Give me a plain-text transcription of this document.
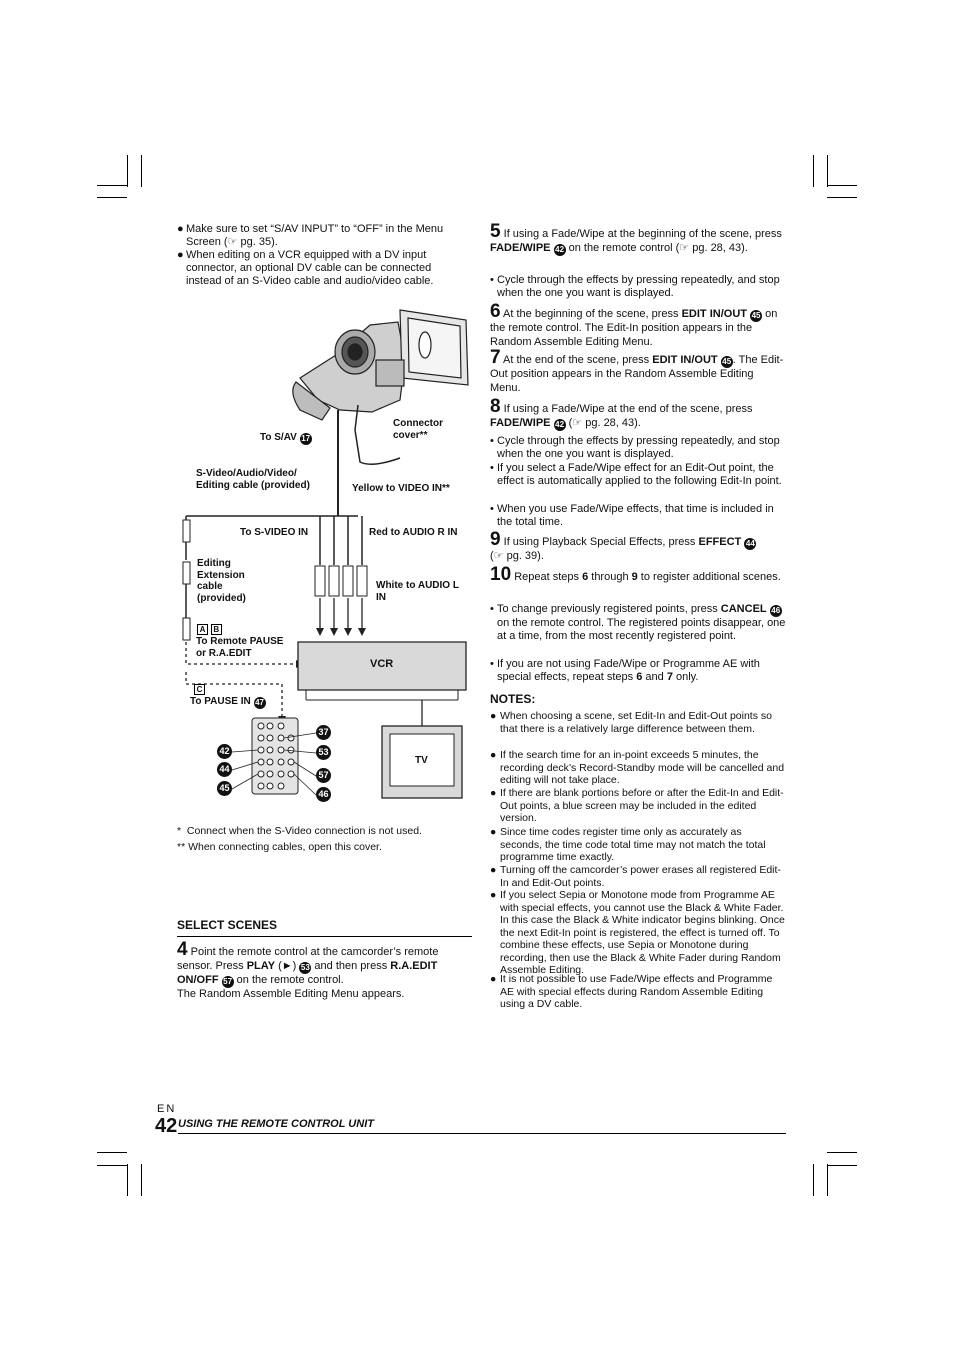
● Make sure to set “S/AV INPUT” to “OFF” in the Menu Screen (☞ pg. 35).
● When editing on a VCR equipped with a DV input connector, an optional DV cable can be connected instead of an S-Video cable and audio/video cable.
To S/AV 17
Connector cover**
S-Video/Audio/Video/ Editing cable (provided)	Yellow to VIDEO IN**
To S-VIDEO IN	Red to AUDIO R IN
Editing Extension cable (provided)
White to AUDIO L IN
A B
To Remote PAUSE or R.A.EDIT
VCR
C
To PAUSE IN 47
TV
37
53
57
46
42
44
45
*  Connect when the S-Video connection is not used.
** When connecting cables, open this cover.
SELECT SCENES
4 Point the remote control at the camcorder’s remote sensor. Press PLAY (►) 53 and then press R.A.EDIT ON/OFF 57 on the remote control.
The Random Assemble Editing Menu appears.
5 If using a Fade/Wipe at the beginning of the scene, press FADE/WIPE 42 on the remote control (☞ pg. 28, 43).
• Cycle through the effects by pressing repeatedly, and stop when the one you want is displayed.
6 At the beginning of the scene, press EDIT IN/OUT 45 on the remote control. The Edit-In position appears in the Random Assemble Editing Menu.
7 At the end of the scene, press EDIT IN/OUT 45 . The Edit-Out position appears in the Random Assemble Editing Menu.
8 If using a Fade/Wipe at the end of the scene, press FADE/WIPE 42 (☞ pg. 28, 43).
• Cycle through the effects by pressing repeatedly, and stop when the one you want is displayed.
• If you select a Fade/Wipe effect for an Edit-Out point, the effect is automatically applied to the following Edit-In point.
• When you use Fade/Wipe effects, that time is included in the total time.
9 If using Playback Special Effects, press EFFECT 44
(☞ pg. 39).
10 Repeat steps 6 through 9 to register additional scenes.
• To change previously registered points, press CANCEL 46 on the remote control. The registered points disappear, one at a time, from the most recently registered point.
• If you are not using Fade/Wipe or Programme AE with special effects, repeat steps 6 and 7 only.
NOTES:
● When choosing a scene, set Edit-In and Edit-Out points so that there is a relatively large difference between them.
● If the search time for an in-point exceeds 5 minutes, the recording deck’s Record-Standby mode will be cancelled and editing will not take place.
● If there are blank portions before or after the Edit-In and Edit-Out points, a blue screen may be included in the edited version.
● Since time codes register time only as accurately as seconds, the time code total time may not match the total programme time exactly.
● Turning off the camcorder’s power erases all registered Edit-In and Edit-Out points.
● If you select Sepia or Monotone mode from Programme AE with special effects, you cannot use the Black & White Fader. In this case the Black & White indicator begins blinking. Once the next Edit-In point is registered, the effect is turned off. To combine these effects, use Sepia or Monotone during recording, then use the Black & White Fader during Random Assemble Editing.
● It is not possible to use Fade/Wipe effects and Programme AE with special effects during Random Assemble Editing using a DV cable.
EN
42 USING THE REMOTE CONTROL UNIT
